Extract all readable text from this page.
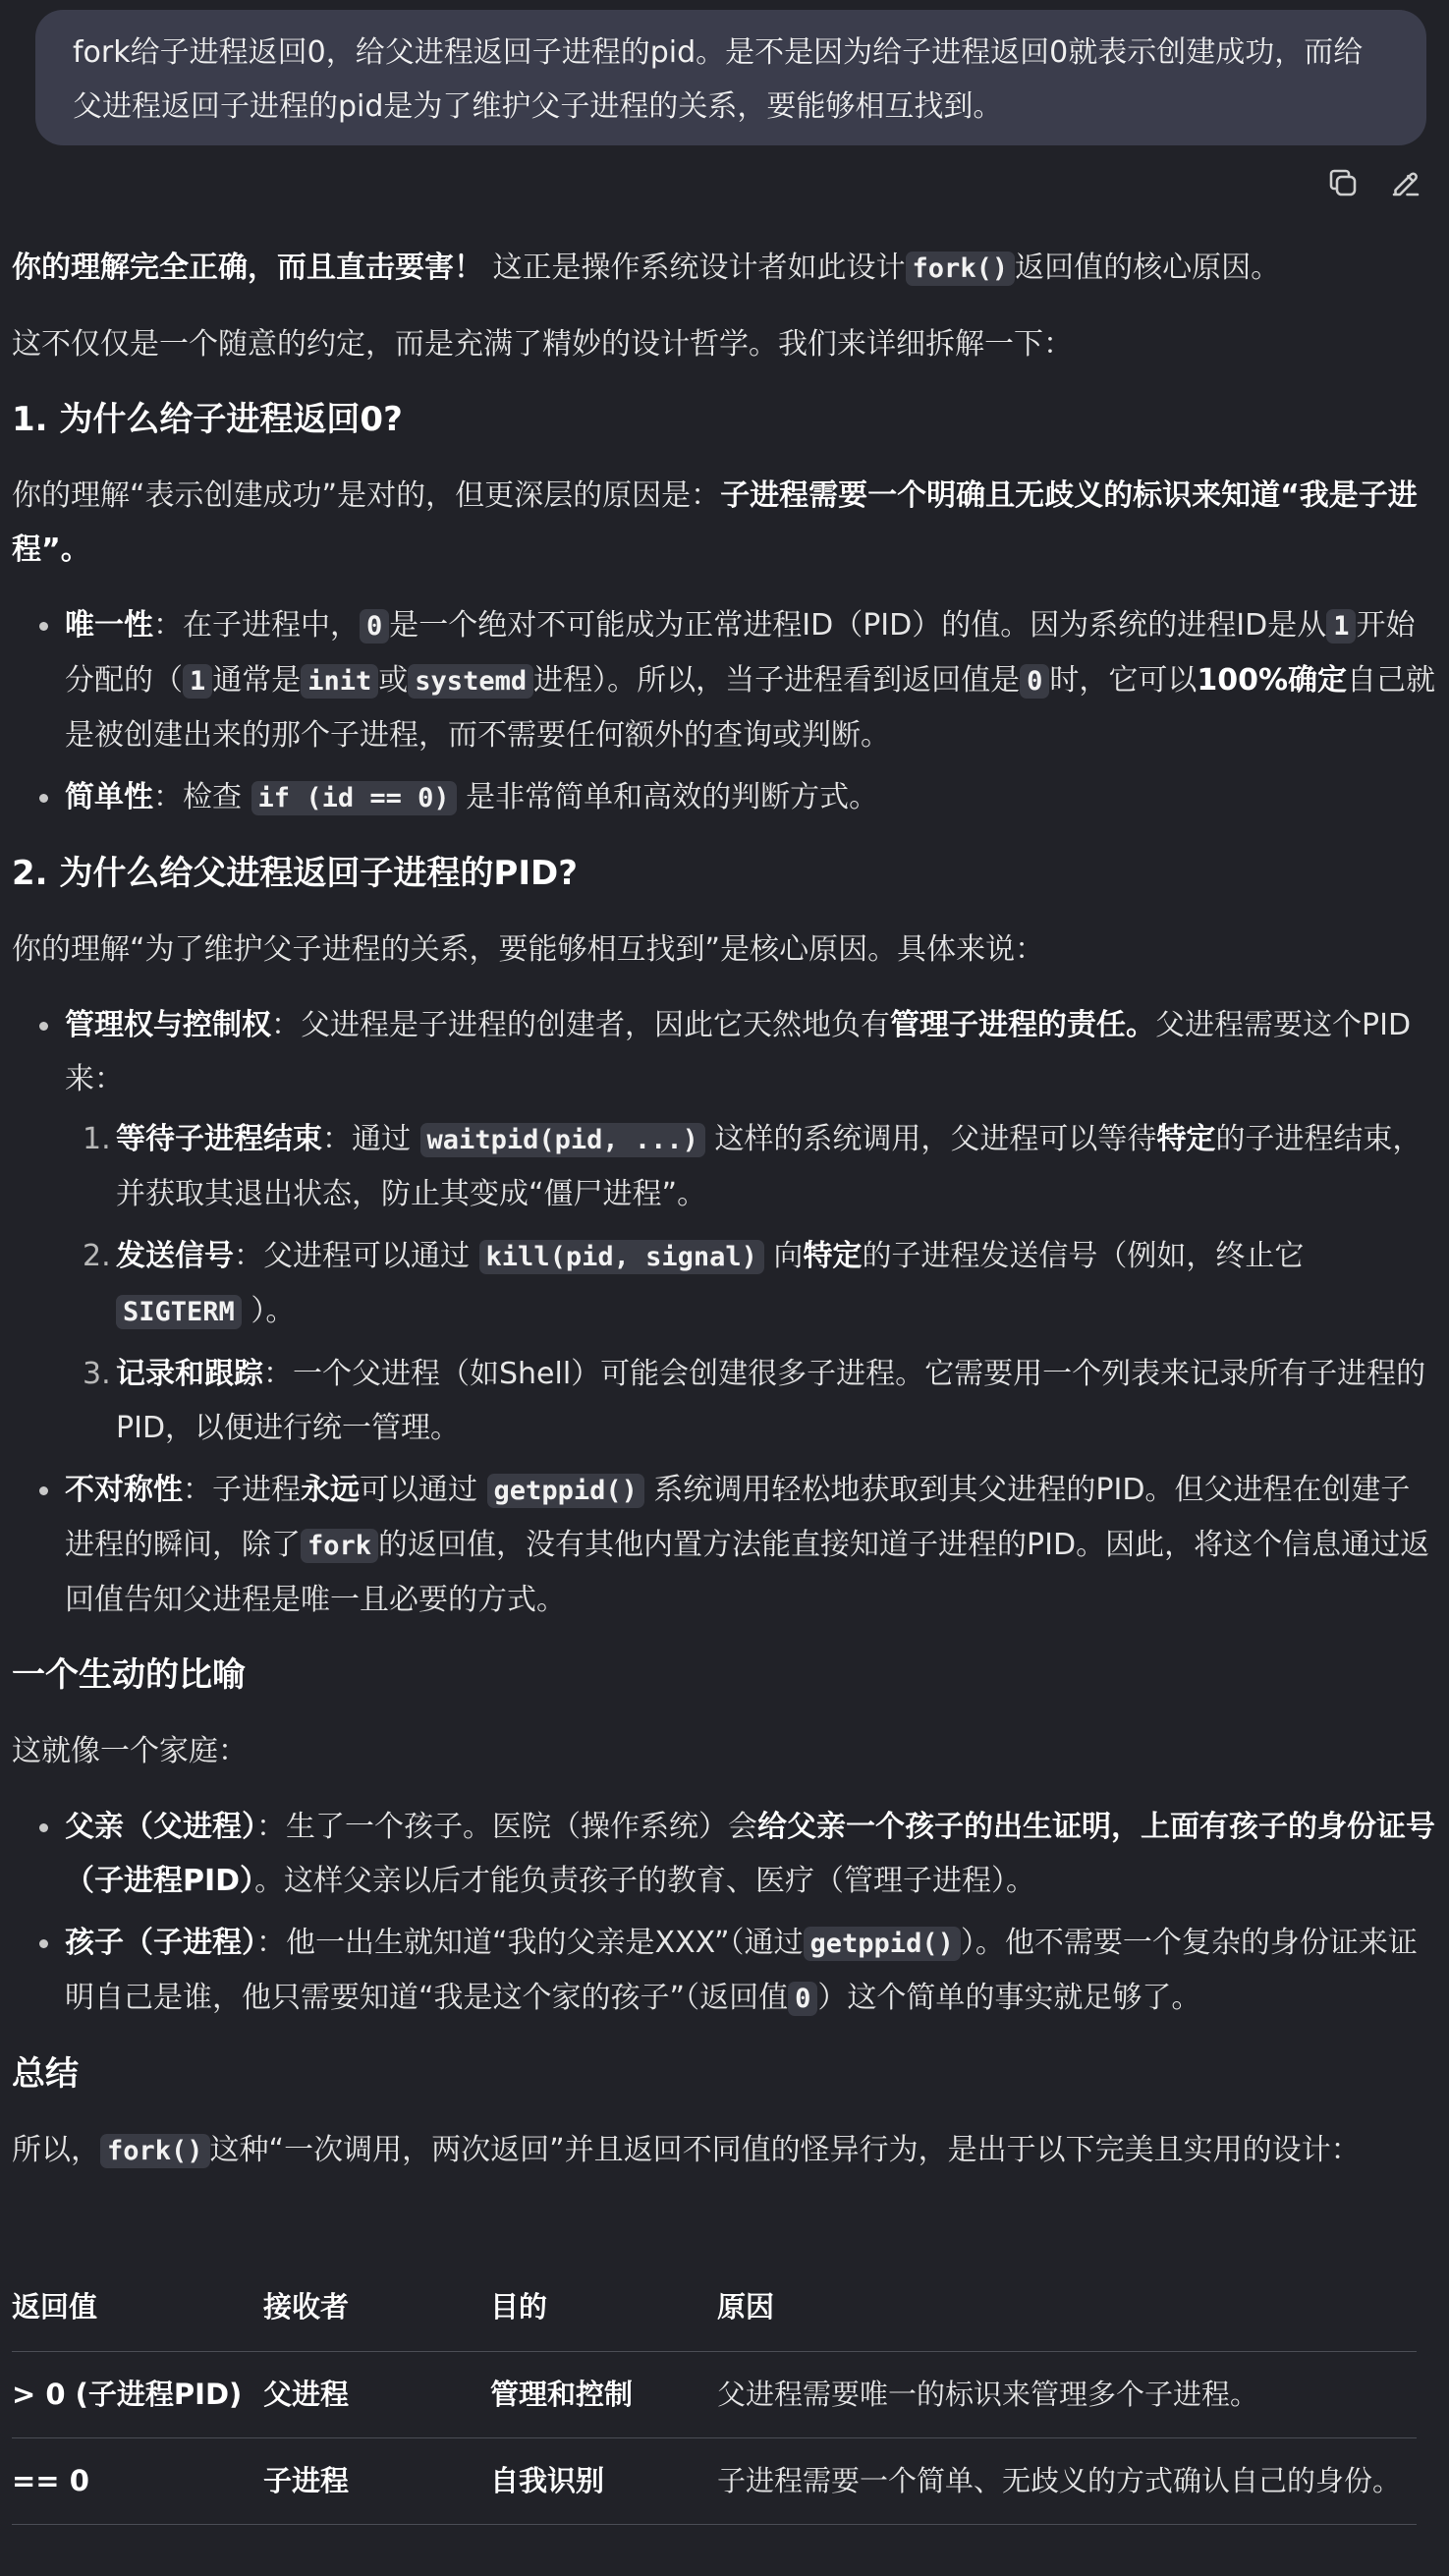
fork给子进程返回0，给父进程返回子进程的pid。是不是因为给子进程返回0就表示创建成功，而给父进程返回子进程的pid是为了维护父子进程的关系，要能够相互找到。

你的理解完全正确，而且直击要害！ 这正是操作系统设计者如此设计 fork() 返回值的核心原因。

这不仅仅是一个随意的约定，而是充满了精妙的设计哲学。我们来详细拆解一下：

1. 为什么给子进程返回0?

你的理解“表示创建成功”是对的，但更深层的原因是：子进程需要一个明确且无歧义的标识来知道“我是子进程”。

唯一性：在子进程中， 0 是一个绝对不可能成为正常进程ID（PID）的值。因为系统的进程ID是从 1 开始分配的（ 1 通常是 init 或 systemd 进程）。所以，当子进程看到返回值是 0 时，它可以100%确定自己就是被创建出来的那个子进程，而不需要任何额外的查询或判断。
简单性：检查 if (id == 0) 是非常简单和高效的判断方式。
2. 为什么给父进程返回子进程的PID?

你的理解“为了维护父子进程的关系，要能够相互找到”是核心原因。具体来说：

管理权与控制权：父进程是子进程的创建者，因此它天然地负有管理子进程的责任。父进程需要这个PID来：
1. 等待子进程结束：通过 waitpid(pid, ...) 这样的系统调用，父进程可以等待特定的子进程结束，并获取其退出状态，防止其变成“僵尸进程”。
2. 发送信号：父进程可以通过 kill(pid, signal) 向特定的子进程发送信号（例如，终止它 SIGTERM ）。
3. 记录和跟踪：一个父进程（如Shell）可能会创建很多子进程。它需要用一个列表来记录所有子进程的PID，以便进行统一管理。
不对称性：子进程永远可以通过 getppid() 系统调用轻松地获取到其父进程的PID。但父进程在创建子进程的瞬间，除了 fork 的返回值，没有其他内置方法能直接知道子进程的PID。因此，将这个信息通过返回值告知父进程是唯一且必要的方式。
一个生动的比喻

这就像一个家庭：

父亲（父进程）：生了一个孩子。医院（操作系统）会给父亲一个孩子的出生证明，上面有孩子的身份证号（子进程PID）。这样父亲以后才能负责孩子的教育、医疗（管理子进程）。
孩子（子进程）：他一出生就知道“我的父亲是XXX”（通过 getppid() ）。他不需要一个复杂的身份证来证明自己是谁，他只需要知道“我是这个家的孩子”（返回值 0 ）这个简单的事实就足够了。
总结

所以， fork() 这种“一次调用，两次返回”并且返回不同值的怪异行为，是出于以下完美且实用的设计：

返回值	接收者	目的	原因
> 0 (子进程PID)	父进程	管理和控制	父进程需要唯一的标识来管理多个子进程。
== 0	子进程	自我识别	子进程需要一个简单、无歧义的方式确认自己的身份。
